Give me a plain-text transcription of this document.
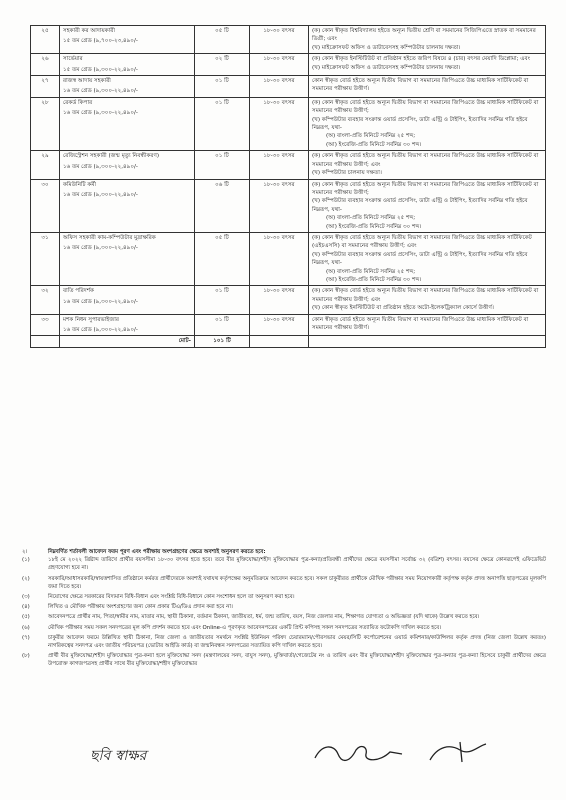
২৫	সহকারী কর আদায়কারী
১৫ তম গ্রেড (৯,৭০০-২৩,৪৯০/-	০৫ টি	১৮-৩০ বৎসর	(ক) কোন স্বীকৃত বিশ্ববিদ্যালয় হইতে অন্যূন দ্বিতীয় শ্রেণি বা সমমানের সিজিপিএতে স্নাতক বা সমমানের ডিগ্রী; এবং
(খ) মাইক্রোসফট অফিস ও ডাটাবেসসহ কম্পিউটার চালনায় দক্ষতা।

২৬	সার্ভেয়ার
১৫ তম গ্রেড (৯,৩০০-২২,৪৯০/-	০২ টি	১৮-৩০ বৎসর	(ক) কোন স্বীকৃত ইনস্টিটিউট বা প্রতিষ্ঠান হইতে জরিপ বিষয়ে ৪ (চার) বৎসর মেয়াদি ডিপ্লোমা; এবং
(খ) মাইক্রোসফট অফিস ও ডাটাবেসসহ কম্পিউটার চালনায় দক্ষতা।

২৭	রাজস্ব আদায় সহকারী
১৬ তম গ্রেড (৯,৩০০-২২,৪৯০/-	০১ টি	১৮-৩০ বৎসর	কোন স্বীকৃত বোর্ড হইতে অন্যূন দ্বিতীয় বিভাগ বা সমমানের জিপিএতে উচ্চ মাধ্যমিক সার্টিফিকেট বা সমমানের পরীক্ষায় উত্তীর্ণ।

২৮	রেকর্ড কিপার
১৬ তম গ্রেড (৯,৩০০-২২,৪৯০/-	০১ টি	১৮-৩০ বৎসর	(ক) কোন স্বীকৃত বোর্ড হইতে অন্যূন দ্বিতীয় বিভাগ বা সমমানের জিপিএতে উচ্চ মাধ্যমিক সার্টিফিকেট বা সমমানের পরীক্ষায় উত্তীর্ণ;
(খ) কম্পিউটার ব্যবহার সংক্রান্ত ওয়ার্ড প্রসেসিং, ডাটা এন্ট্রি ও টাইপিং, ইত্যাদির সর্বনিম্ন গতি হইবে নিম্নরূপ, যথা-
(অ) বাংলা-প্রতি মিনিটে সর্বনিম্ন ২৫ শব্দ;
(আ) ইংরেজি-প্রতি মিনিটে সর্বনিম্ন ৩০ শব্দ।

২৯	রেজিস্ট্রেশন সহকারী (জন্ম মৃত্যু নিবন্ধীকরণ)
১৬ তম গ্রেড (৯,৩০০-২২,৪৯০/-	০১ টি	১৮-৩০ বৎসর	(ক) কোন স্বীকৃত বোর্ড হইতে অন্যূন দ্বিতীয় বিভাগ বা সমমানের জিপিএতে উচ্চ মাধ্যমিক সার্টিফিকেট বা সমমানের পরীক্ষায় উত্তীর্ণ; এবং
(খ) কম্পিউটার চালনায় দক্ষতা।

৩০	কমিউনিটি কর্মী
১৬ তম গ্রেড (৯,৩০০-২২,৪৯০/-	০৬ টি	১৮-৩০ বৎসর	(ক) কোন স্বীকৃত বোর্ড হইতে অন্যূন দ্বিতীয় বিভাগ বা সমমানের জিপিএতে উচ্চ মাধ্যমিক সার্টিফিকেট বা সমমানের পরীক্ষায় উত্তীর্ণ;
(খ) কম্পিউটার ব্যবহার সংক্রান্ত ওয়ার্ড প্রসেসিং, ডাটা এন্ট্রি ও টাইপিং, ইত্যাদির সর্বনিম্ন গতি হইবে নিম্নরূপ, যথা-
(অ) বাংলা-প্রতি মিনিটে সর্বনিম্ন ২৫ শব্দ;
(আ) ইংরেজি-প্রতি মিনিটে সর্বনিম্ন ৩০ শব্দ।

৩১	অফিস সহকারী কাম-কম্পিউটার মুদ্রাক্ষরিক
১৬ তম গ্রেড (৯,৩০০-২২,৪৯০/-	০৫ টি	১৮-৩০ বৎসর	(ক) কোন স্বীকৃত বোর্ড হইতে অন্যূন দ্বিতীয় বিভাগ বা সমমানের জিপিএতে উচ্চ মাধ্যমিক সার্টিফিকেট (এইচএসসি) বা সমমানের পরীক্ষায় উত্তীর্ণ; এবং
(খ) কম্পিউটার ব্যবহার সংক্রান্ত ওয়ার্ড প্রসেসিং, ডাটা এন্ট্রি ও টাইপিং, ইত্যাদির সর্বনিম্ন গতি হইবে নিম্নরূপ, যথা-
(অ) বাংলা-প্রতি মিনিটে সর্বনিম্ন ২৫ শব্দ;
(আ) ইংরেজি-প্রতি মিনিটে সর্বনিম্ন ৩০ শব্দ।

৩২	বাতি পরিদর্শক
১৬ তম গ্রেড (৯,৩০০-২২,৪৯০/-	০১ টি	১৮-৩০ বৎসর	(ক) কোন স্বীকৃত বোর্ড হইতে অন্যূন দ্বিতীয় বিভাগ বা সমমানের জিপিএতে উচ্চ মাধ্যমিক সার্টিফিকেট বা সমমানের পরীক্ষায় উত্তীর্ণ; এবং
(খ) কোন স্বীকৃত ইনস্টিটিউট বা প্রতিষ্ঠান হইতে অটো-ইলেকট্রিক্যাল কোর্সে উত্তীর্ণ।

৩৩	মশক নিধন সুপারভাইজার
১৬ তম গ্রেড (৯,৩০০-২২,৪৯০/-	০১ টি	১৮-৩০ বৎসর	কোন স্বীকৃত বোর্ড হইতে অন্যূন দ্বিতীয় বিভাগ বা সমমানের জিপিএতে উচ্চ মাধ্যমিক সার্টিফিকেট বা সমমানের পরীক্ষায় উত্তীর্ণ।

	মোট-	১০১ টি		
২।	নিম্নবর্ণিত শর্তাবলী আবেদন ফরম পূরণ এবং পরীক্ষায় অংশগ্রহণের ক্ষেত্রে অবশ্যই অনুসরণ করতে হবে:
(১)	১৮ই মে ২০২২ খ্রিষ্টাব্দ তারিখে প্রার্থীর বয়সসীমা ১৮-৩০ বৎসর হতে হবে। তবে বীর মুক্তিযোদ্ধা/শহীদ মুক্তিযোদ্ধার পুত্র-কন্যা/প্রতিবন্ধী প্রার্থীদের ক্ষেত্রে বয়সসীমা সর্বোচ্চ ৩২ (বত্রিশ) বৎসর। বয়সের ক্ষেত্রে কোনরূপেই এফিডেভিট গ্রহণযোগ্য হবে না।
(২)	সরকারি/আধাসরকারি/স্বায়ত্তশাসিত প্রতিষ্ঠানে কর্মরত প্রার্থীদেরকে অবশ্যই যথাযথ কর্তৃপক্ষের অনুমতিক্রমে আবেদন করতে হবে। সকল চাকুরীরত প্রার্থীকে মৌখিক পরীক্ষার সময় নিয়োগকারী কর্তৃপক্ষ কর্তৃক প্রদত্ত অনাপত্তি ছাড়পত্রের মূলকপি জমা দিতে হবে।
(৩)	নিয়োগের ক্ষেত্রে সরকারের বিদ্যমান বিধি-বিধান এবং সংশ্লিষ্ট বিধি-বিধানে কোন সংশোধন হলে তা অনুসরণ করা হবে।
(৪)	লিখিত ও মৌখিক পরীক্ষায় অংশগ্রহণের জন্য কোন প্রকার টিএ/ডিএ প্রদান করা হবে না।
(৫)	আবেদনপত্রে প্রার্থীর নাম, পিতা/স্বামীর নাম, মাতার নাম, স্থায়ী ঠিকানা, বর্তমান ঠিকানা, জাতীয়তা, ধর্ম, জন্ম তারিখ, বয়স, নিজ জেলার নাম, শিক্ষাগত যোগ্যতা ও অভিজ্ঞতা (যদি থাকে) উল্লেখ করতে হবে।
(৬)	মৌখিক পরীক্ষার সময় সকল সনদপত্রের মূল কপি প্রদর্শন করতে হবে এবং Online-এ পূরণকৃত আবেদনপত্রের একটি প্রিন্ট কপিসহ সকল সনদপত্রের সত্যায়িত ফটোকপি দাখিল করতে হবে।
(৭)	চাকুরীর আবেদন ফরমে উল্লিখিত স্থায়ী ঠিকানা, নিজ জেলা ও জাতীয়তার সমর্থনে সংশ্লিষ্ট ইউনিয়ন পরিষদ চেয়ারম্যান/পৌরসভার মেয়র/সিটি কর্পোরেশনের ওয়ার্ড কমিশনার/কাউন্সিলর কর্তৃক প্রদত্ত (নিজ জেলা উল্লেখ করতঃ) নাগরিকত্বের সনদপত্র এবং জাতীয় পরিচয়পত্র (ভোটার আইডি কার্ড) বা জন্মনিবন্ধন সনদপত্রের সত্যায়িত কপি দাখিল করতে হবে।
(৮)	প্রার্থী বীর মুক্তিযোদ্ধা/শহীদ মুক্তিযোদ্ধার পুত্র-কন্যা হলে মুক্তিযোদ্ধা সনদ (মন্ত্রণালয়ের সনদ, বাযুস সনদ), মুক্তিবার্তা/গেজেটের নং ও তারিখ এবং বীর মুক্তিযোদ্ধা/শহীদ মুক্তিযোদ্ধার পুত্র-কন্যার পুত্র-কন্যা হিসেবে চাকুরী প্রার্থীদের ক্ষেত্রে উপরোক্ত কাগজপত্রসহ প্রার্থীর সাথে বীর মুক্তিযোদ্ধা/শহীদ মুক্তিযোদ্ধার
ছবি স্বাক্ষর
